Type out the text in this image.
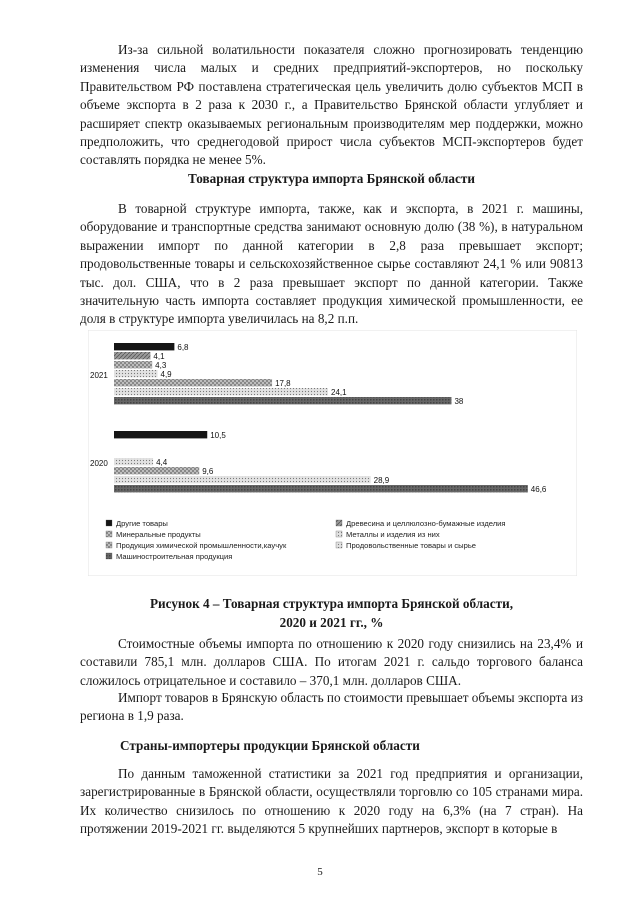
Из-за сильной волатильности показателя сложно прогнозировать тенденцию изменения числа малых и средних предприятий-экспортеров, но поскольку Правительством РФ поставлена стратегическая цель увеличить долю субъектов МСП в объеме экспорта в 2 раза к 2030 г., а Правительство Брянской области углубляет и расширяет спектр оказываемых региональным производителям мер поддержки, можно предположить, что среднегодовой прирост числа субъектов МСП-экспортеров будет составлять порядка не менее 5%.

Товарная структура импорта Брянской области

В товарной структуре импорта, также, как и экспорта, в 2021 г. машины, оборудование и транспортные средства занимают основную долю (38 %), в натуральном выражении импорт по данной категории в 2,8 раза превышает экспорт; продовольственные товары и сельскохозяйственное сырье составляют 24,1 % или 90813 тыс. дол. США, что в 2 раза превышает экспорт по данной категории. Также значительную часть импорта составляет продукция химической промышленности, ее доля в структуре импорта увеличилась на 8,2 п.п.

2021
6,8
4,1
4,3
4,9
17,8
24,1
38
2020
10,5
4,4
9,6
28,9
46,6
Другие товары	Древесина и целлюлозно-бумажные изделия
Минеральные продукты	Металлы и изделия из них
Продукция химической промышленности,каучук	Продовольственные товары и сырье
Машиностроительная продукция
Рисунок 4 – Товарная структура импорта Брянской области,
2020 и 2021 гг., %

Стоимостные объемы импорта по отношению к 2020 году снизились на 23,4% и составили 785,1 млн. долларов США. По итогам 2021 г. сальдо торгового баланса сложилось отрицательное и составило – 370,1 млн. долларов США.

Импорт товаров в Брянскую область по стоимости превышает объемы экспорта из региона в 1,9 раза.

Страны-импортеры продукции Брянской области

По данным таможенной статистики за 2021 год предприятия и организации, зарегистрированные в Брянской области, осуществляли торговлю со 105 странами мира. Их количество снизилось по отношению к 2020 году на 6,3% (на 7 стран). На протяжении 2019-2021 гг. выделяются 5 крупнейших партнеров, экспорт в которые в

5
